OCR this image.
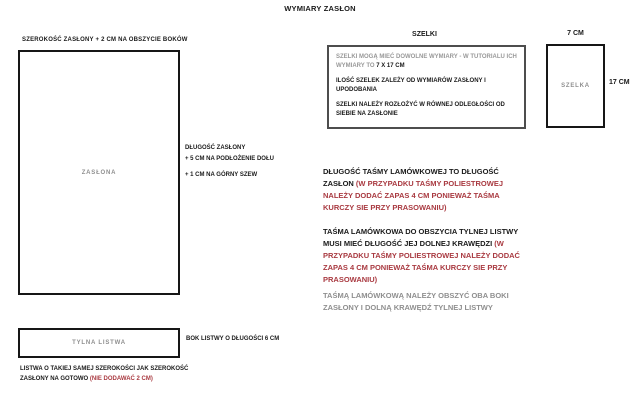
WYMIARY ZASŁON
SZEROKOŚĆ ZASŁONY + 2 CM NA OBSZYCIE BOKÓW
ZASŁONA
DŁUGOŚĆ ZASŁONY
+ 5 CM NA PODŁOŻENIE DOŁU
+ 1 CM NA GÓRNY SZEW
SZELKI

SZELKI MOGĄ MIEĆ DOWOLNE WYMIARY - W TUTORIALU ICH WYMIARY TO 7 X 17 CM

ILOŚĆ SZELEK ZALEŻY OD WYMIARÓW ZASŁONY I UPODOBANIA

SZELKI NALEŻY ROZŁOŻYĆ W RÓWNEJ ODLEGŁOŚCI OD SIEBIE NA ZASŁONIE

7 CM
SZELKA	17 CM
DŁUGOŚĆ TAŚMY LAMÓWKOWEJ TO DŁUGOŚĆ ZASŁON (W PRZYPADKU TAŚMY POLIESTROWEJ NALEŻY DODAĆ ZAPAS 4 CM PONIEWAŻ TAŚMA KURCZY SIE PRZY PRASOWANIU)
TAŚMA LAMÓWKOWA DO OBSZYCIA TYLNEJ LISTWY MUSI MIEĆ DŁUGOŚĆ JEJ DOLNEJ KRAWĘDZI (W PRZYPADKU TAŚMY POLIESTROWEJ NALEŻY DODAĆ ZAPAS 4 CM PONIEWAŻ TAŚMA KURCZY SIE PRZY PRASOWANIU)
TAŚMĄ LAMÓWKOWĄ NALEŻY OBSZYĆ OBA BOKI ZASŁONY I DOLNĄ KRAWĘDŹ TYLNEJ LISTWY
TYLNA LISTWA
BOK LISTWY O DŁUGOŚCI 6 CM
LISTWA O TAKIEJ SAMEJ SZEROKOŚCI JAK SZEROKOŚĆ ZASŁONY NA GOTOWO (NIE DODAWAĆ 2 CM)
